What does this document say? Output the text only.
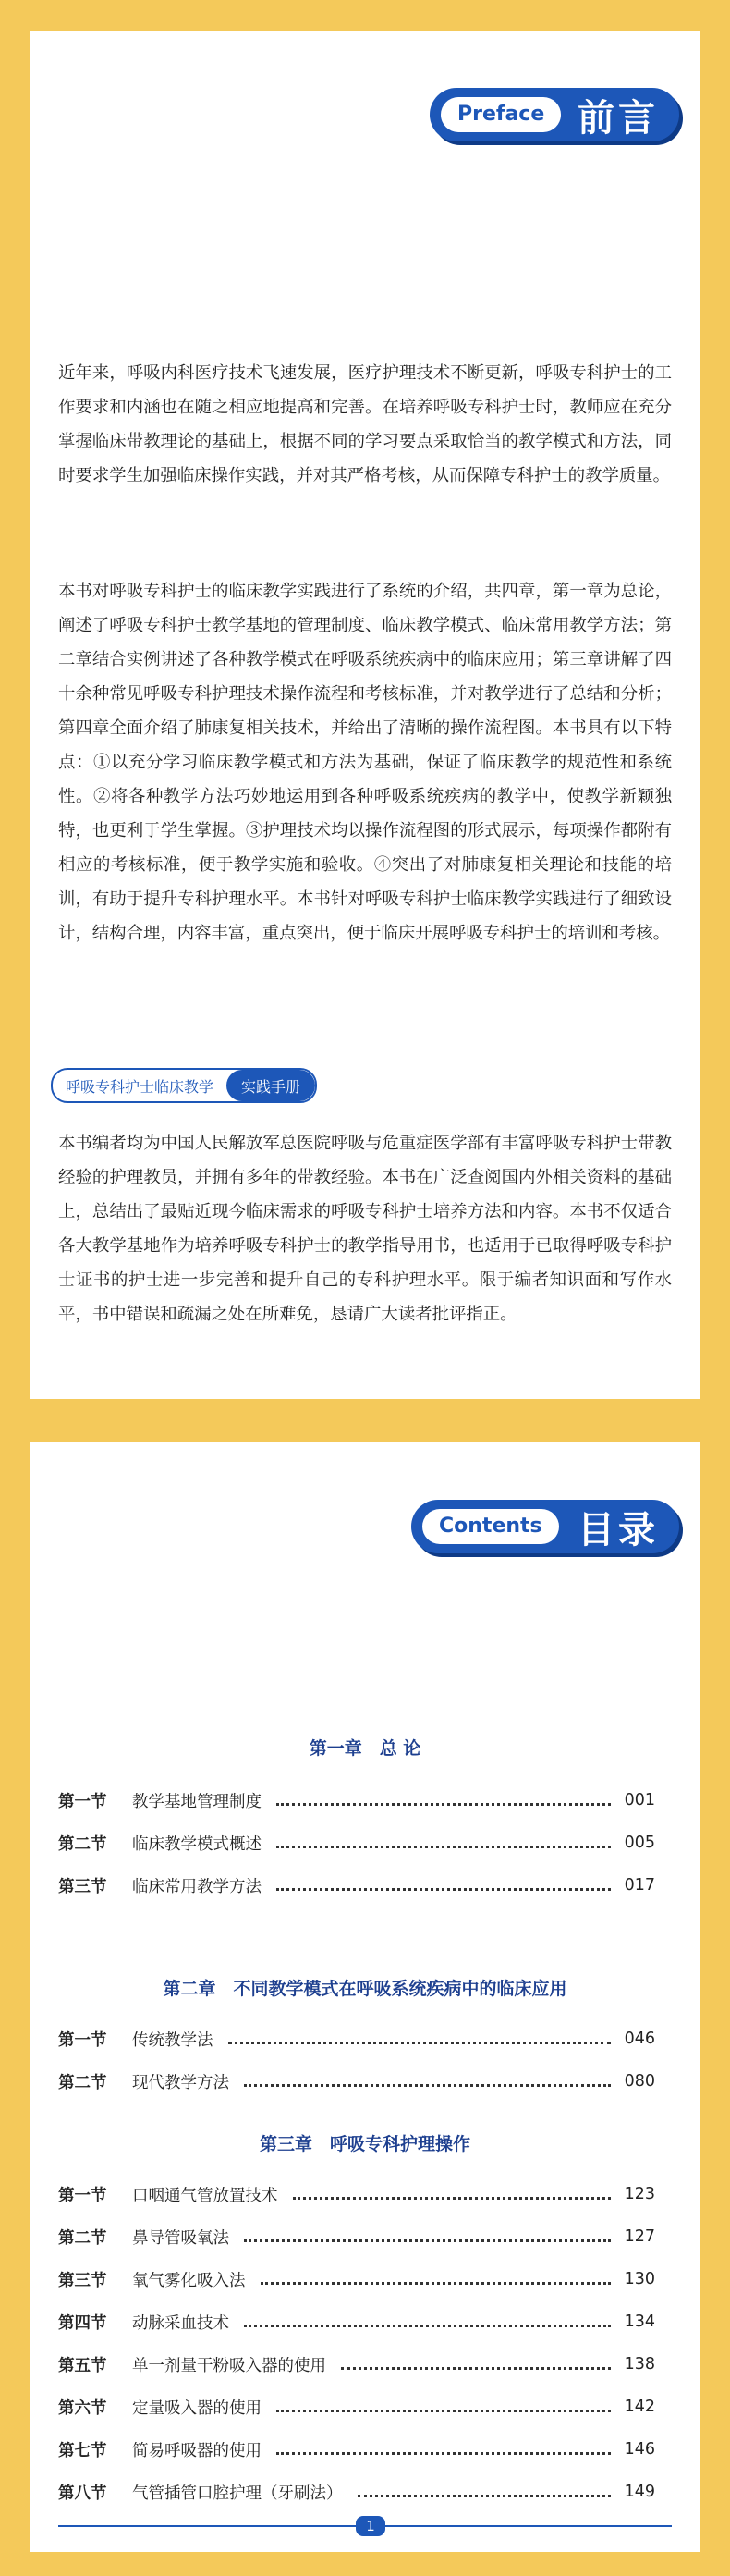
Preface 前言

近年来，呼吸内科医疗技术飞速发展，医疗护理技术不断更新，呼吸专科护士的工作要求和内涵也在随之相应地提高和完善。在培养呼吸专科护士时，教师应在充分掌握临床带教理论的基础上，根据不同的学习要点采取恰当的教学模式和方法，同时要求学生加强临床操作实践，并对其严格考核，从而保障专科护士的教学质量。

本书对呼吸专科护士的临床教学实践进行了系统的介绍，共四章，第一章为总论，阐述了呼吸专科护士教学基地的管理制度、临床教学模式、临床常用教学方法；第二章结合实例讲述了各种教学模式在呼吸系统疾病中的临床应用；第三章讲解了四十余种常见呼吸专科护理技术操作流程和考核标准，并对教学进行了总结和分析；第四章全面介绍了肺康复相关技术，并给出了清晰的操作流程图。本书具有以下特点：①以充分学习临床教学模式和方法为基础，保证了临床教学的规范性和系统性。②将各种教学方法巧妙地运用到各种呼吸系统疾病的教学中，使教学新颖独特，也更利于学生掌握。③护理技术均以操作流程图的形式展示，每项操作都附有相应的考核标准，便于教学实施和验收。④突出了对肺康复相关理论和技能的培训，有助于提升专科护理水平。本书针对呼吸专科护士临床教学实践进行了细致设计，结构合理，内容丰富，重点突出，便于临床开展呼吸专科护士的培训和考核。

呼吸专科护士临床教学	实践手册

本书编者均为中国人民解放军总医院呼吸与危重症医学部有丰富呼吸专科护士带教经验的护理教员，并拥有多年的带教经验。本书在广泛查阅国内外相关资料的基础上，总结出了最贴近现今临床需求的呼吸专科护士培养方法和内容。本书不仅适合各大教学基地作为培养呼吸专科护士的教学指导用书，也适用于已取得呼吸专科护士证书的护士进一步完善和提升自己的专科护理水平。限于编者知识面和写作水平，书中错误和疏漏之处在所难免，恳请广大读者批评指正。

Contents 目录
第一章　总 论
第一节	教学基地管理制度	001
第二节	临床教学模式概述	005
第三节	临床常用教学方法	017
第二章　不同教学模式在呼吸系统疾病中的临床应用
第一节	传统教学法	046
第二节	现代教学方法	080
第三章　呼吸专科护理操作
第一节	口咽通气管放置技术	123
第二节	鼻导管吸氧法	127
第三节	氧气雾化吸入法	130
第四节	动脉采血技术	134
第五节	单一剂量干粉吸入器的使用	138
第六节	定量吸入器的使用	142
第七节	简易呼吸器的使用	146
第八节	气管插管口腔护理（牙刷法）	149
1
